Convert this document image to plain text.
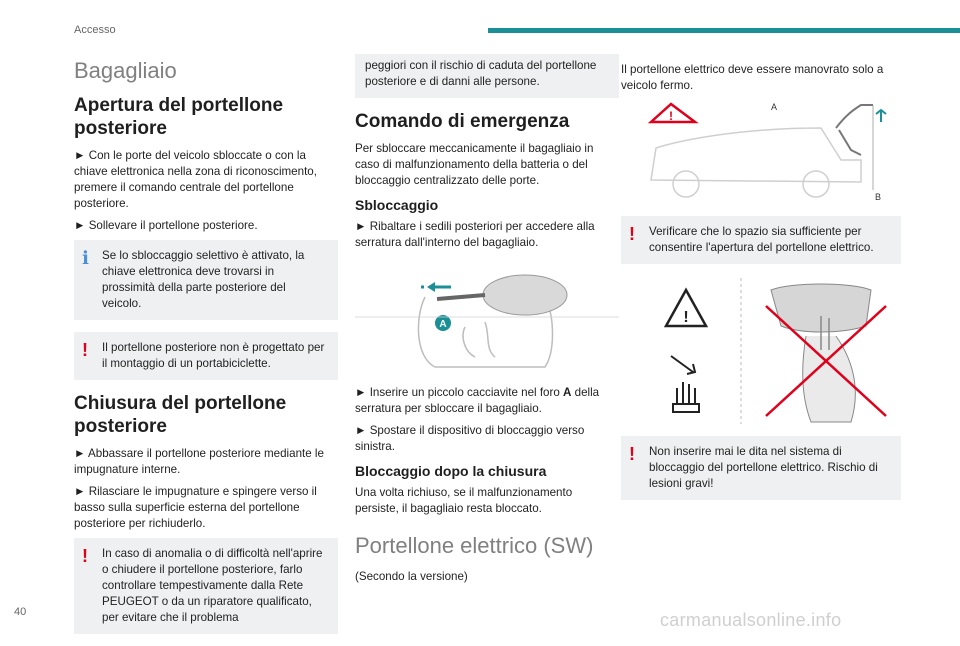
Accesso
Bagagliaio
Apertura del portellone posteriore

► Con le porte del veicolo sbloccate o con la chiave elettronica nella zona di riconoscimento, premere il comando centrale del portellone posteriore.

► Sollevare il portellone posteriore.

ℹ	Se lo sbloccaggio selettivo è attivato, la chiave elettronica deve trovarsi in prossimità della parte posteriore del veicolo.
!	Il portellone posteriore non è progettato per il montaggio di un portabiciclette.
Chiusura del portellone posteriore

► Abbassare il portellone posteriore mediante le impugnature interne.

► Rilasciare le impugnature e spingere verso il basso sulla superficie esterna del portellone posteriore per richiuderlo.

!	In caso di anomalia o di difficoltà nell'aprire o chiudere il portellone posteriore, farlo controllare tempestivamente dalla Rete PEUGEOT o da un riparatore qualificato, per evitare che il problema
peggiori con il rischio di caduta del portellone posteriore e di danni alle persone.
Comando di emergenza

Per sbloccare meccanicamente il bagagliaio in caso di malfunzionamento della batteria o del bloccaggio centralizzato delle porte.

Sbloccaggio

► Ribaltare i sedili posteriori per accedere alla serratura dall'interno del bagagliaio.

A

► Inserire un piccolo cacciavite nel foro A della serratura per sbloccare il bagagliaio.

► Spostare il dispositivo di bloccaggio verso sinistra.

Bloccaggio dopo la chiusura

Una volta richiuso, se il malfunzionamento persiste, il bagagliaio resta bloccato.

Portellone elettrico (SW)

(Secondo la versione)

Il portellone elettrico deve essere manovrato solo a veicolo fermo.

!
A
B
!	Verificare che lo spazio sia sufficiente per consentire l'apertura del portellone elettrico.
!
!	Non inserire mai le dita nel sistema di bloccaggio del portellone elettrico. Rischio di lesioni gravi!
40	carmanualsonline.info
